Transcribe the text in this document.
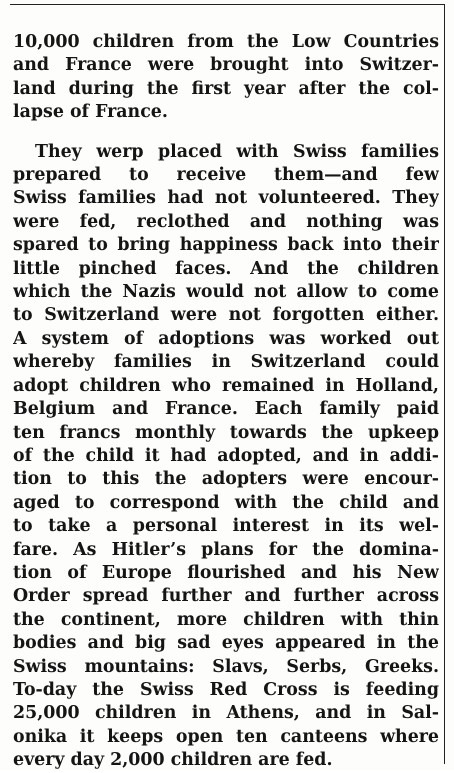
10,000 children from the Low Countries
and France were brought into Switzer-
land during the first year after the col-
lapse of France.

They werp placed with Swiss families
prepared to receive them—and few
Swiss families had not volunteered. They
were fed, reclothed and nothing was
spared to bring happiness back into their
little pinched faces. And the children
which the Nazis would not allow to come
to Switzerland were not forgotten either.
A system of adoptions was worked out
whereby families in Switzerland could
adopt children who remained in Holland,
Belgium and France. Each family paid
ten francs monthly towards the upkeep
of the child it had adopted, and in addi-
tion to this the adopters were encour-
aged to correspond with the child and
to take a personal interest in its wel-
fare. As Hitler’s plans for the domina-
tion of Europe flourished and his New
Order spread further and further across
the continent, more children with thin
bodies and big sad eyes appeared in the
Swiss mountains: Slavs, Serbs, Greeks.
To-day the Swiss Red Cross is feeding
25,000 children in Athens, and in Sal-
onika it keeps open ten canteens where
every day 2,000 children are fed.
